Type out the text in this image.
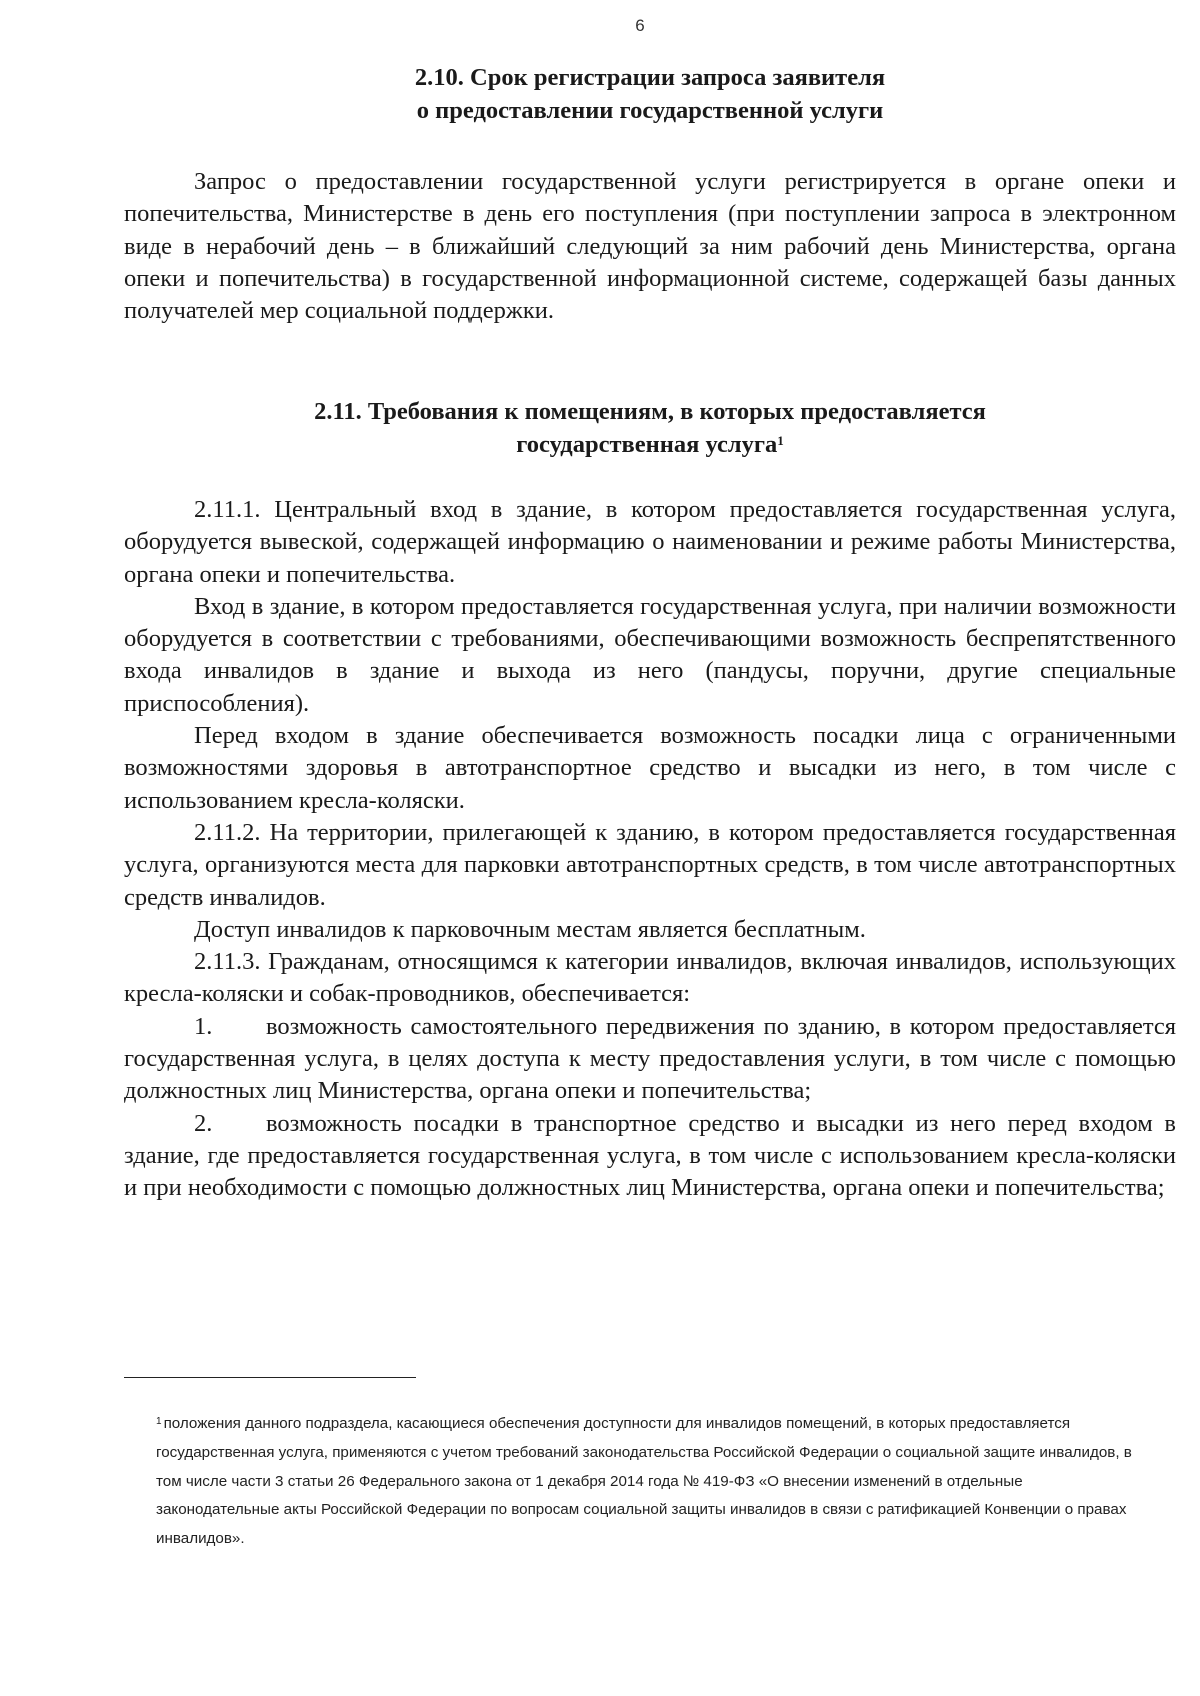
6
2.10. Срок регистрации запроса заявителя
о предоставлении государственной услуги

Запрос о предоставлении государственной услуги регистрируется в органе опеки и попечительства, Министерстве в день его поступления (при поступлении запроса в электронном виде в нерабочий день – в ближайший следующий за ним рабочий день Министерства, органа опеки и попечительства) в государственной информационной системе, содержащей базы данных получателей мер социальной поддержки.

2.11. Требования к помещениям, в которых предоставляется
государственная услуга$^1$

2.11.1. Центральный вход в здание, в котором предоставляется государственная услуга, оборудуется вывеской, содержащей информацию о наименовании и режиме работы Министерства, органа опеки и попечительства.

Вход в здание, в котором предоставляется государственная услуга, при наличии возможности оборудуется в соответствии с требованиями, обеспечивающими возможность беспрепятственного входа инвалидов в здание и выхода из него (пандусы, поручни, другие специальные приспособления).

Перед входом в здание обеспечивается возможность посадки лица с ограниченными возможностями здоровья в автотранспортное средство и высадки из него, в том числе с использованием кресла-коляски.

2.11.2. На территории, прилегающей к зданию, в котором предоставляется государственная услуга, организуются места для парковки автотранспортных средств, в том числе автотранспортных средств инвалидов.

Доступ инвалидов к парковочным местам является бесплатным.

2.11.3. Гражданам, относящимся к категории инвалидов, включая инвалидов, использующих кресла-коляски и собак-проводников, обеспечивается:

1. возможность самостоятельного передвижения по зданию, в котором предоставляется государственная услуга, в целях доступа к месту предоставления услуги, в том числе с помощью должностных лиц Министерства, органа опеки и попечительства;

2. возможность посадки в транспортное средство и высадки из него перед входом в здание, где предоставляется государственная услуга, в том числе с использованием кресла-коляски и при необходимости с помощью должностных лиц Министерства, органа опеки и попечительства;

$^1$ положения данного подраздела, касающиеся обеспечения доступности для инвалидов помещений, в которых предоставляется государственная услуга, применяются с учетом требований законодательства Российской Федерации о социальной защите инвалидов, в том числе части 3 статьи 26 Федерального закона от 1 декабря 2014 года № 419-ФЗ «О внесении изменений в отдельные законодательные акты Российской Федерации по вопросам социальной защиты инвалидов в связи с ратификацией Конвенции о правах инвалидов».
